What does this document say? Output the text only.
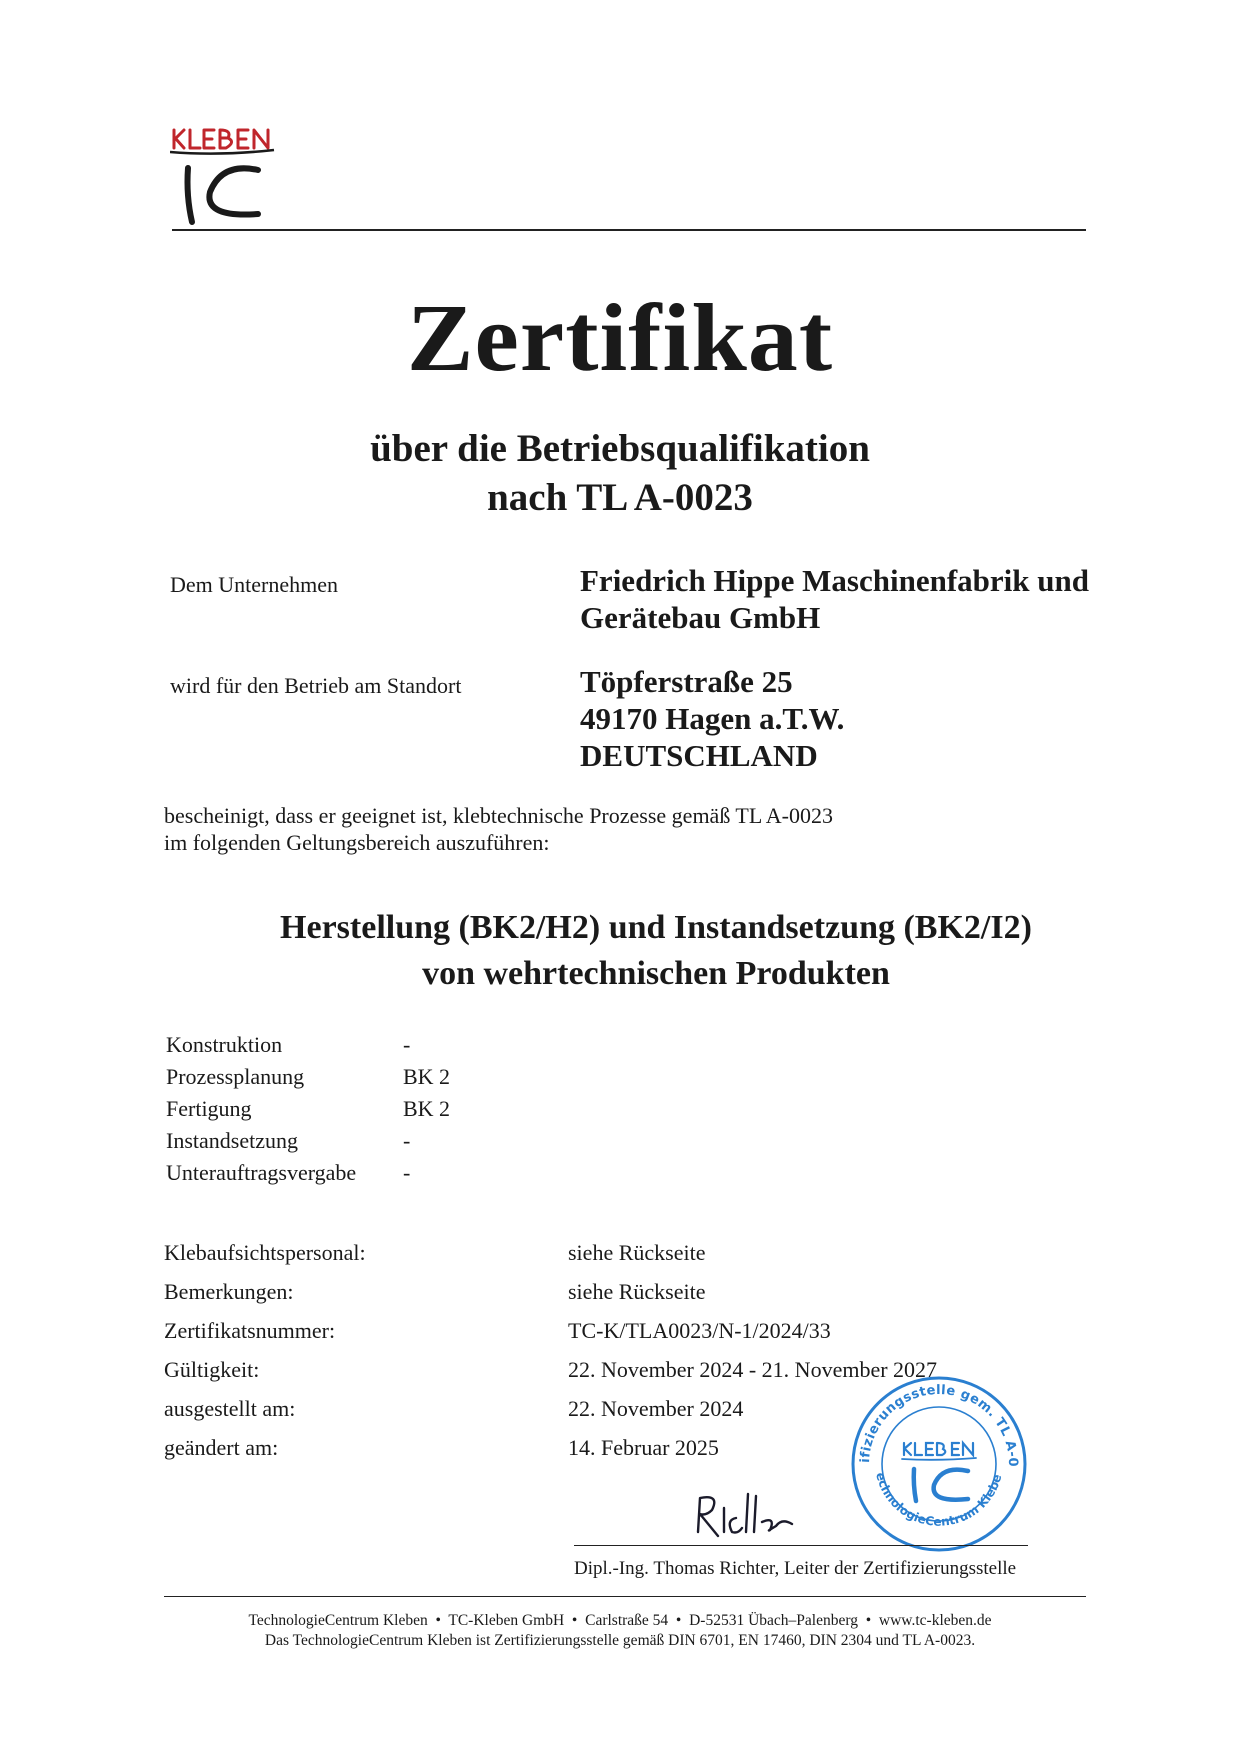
Zertifikat
über die Betriebsqualifikation
nach TL A-0023
Dem Unternehmen	Friedrich Hippe Maschinenfabrik und
Gerätebau GmbH
wird für den Betrieb am Standort	Töpferstraße 25
49170 Hagen a.T.W.
DEUTSCHLAND
bescheinigt, dass er geeignet ist, klebtechnische Prozesse gemäß TL A-0023
im folgenden Geltungsbereich auszuführen:
Herstellung (BK2/H2) und Instandsetzung (BK2/I2)
von wehrtechnischen Produkten
Konstruktion	-
Prozessplanung	BK 2
Fertigung	BK 2
Instandsetzung	-
Unterauftragsvergabe -
Klebaufsichtspersonal:	siehe Rückseite
Bemerkungen:	siehe Rückseite
Zertifikatsnummer:	TC-K/TLA0023/N-1/2024/33
Gültigkeit:	22. November 2024 - 21. November 2027
ausgestellt am:	22. November 2024
geändert am:	14. Februar 2025
ifizierungsstelle gem. TL A-0
echnologieCentrum Klebe
Dipl.-Ing. Thomas Richter, Leiter der Zertifizierungsstelle
TechnologieCentrum Kleben  •  TC-Kleben GmbH  •  Carlstraße 54  •  D-52531 Übach–Palenberg  •  www.tc-kleben.de
Das TechnologieCentrum Kleben ist Zertifizierungsstelle gemäß DIN 6701, EN 17460, DIN 2304 und TL A-0023.
